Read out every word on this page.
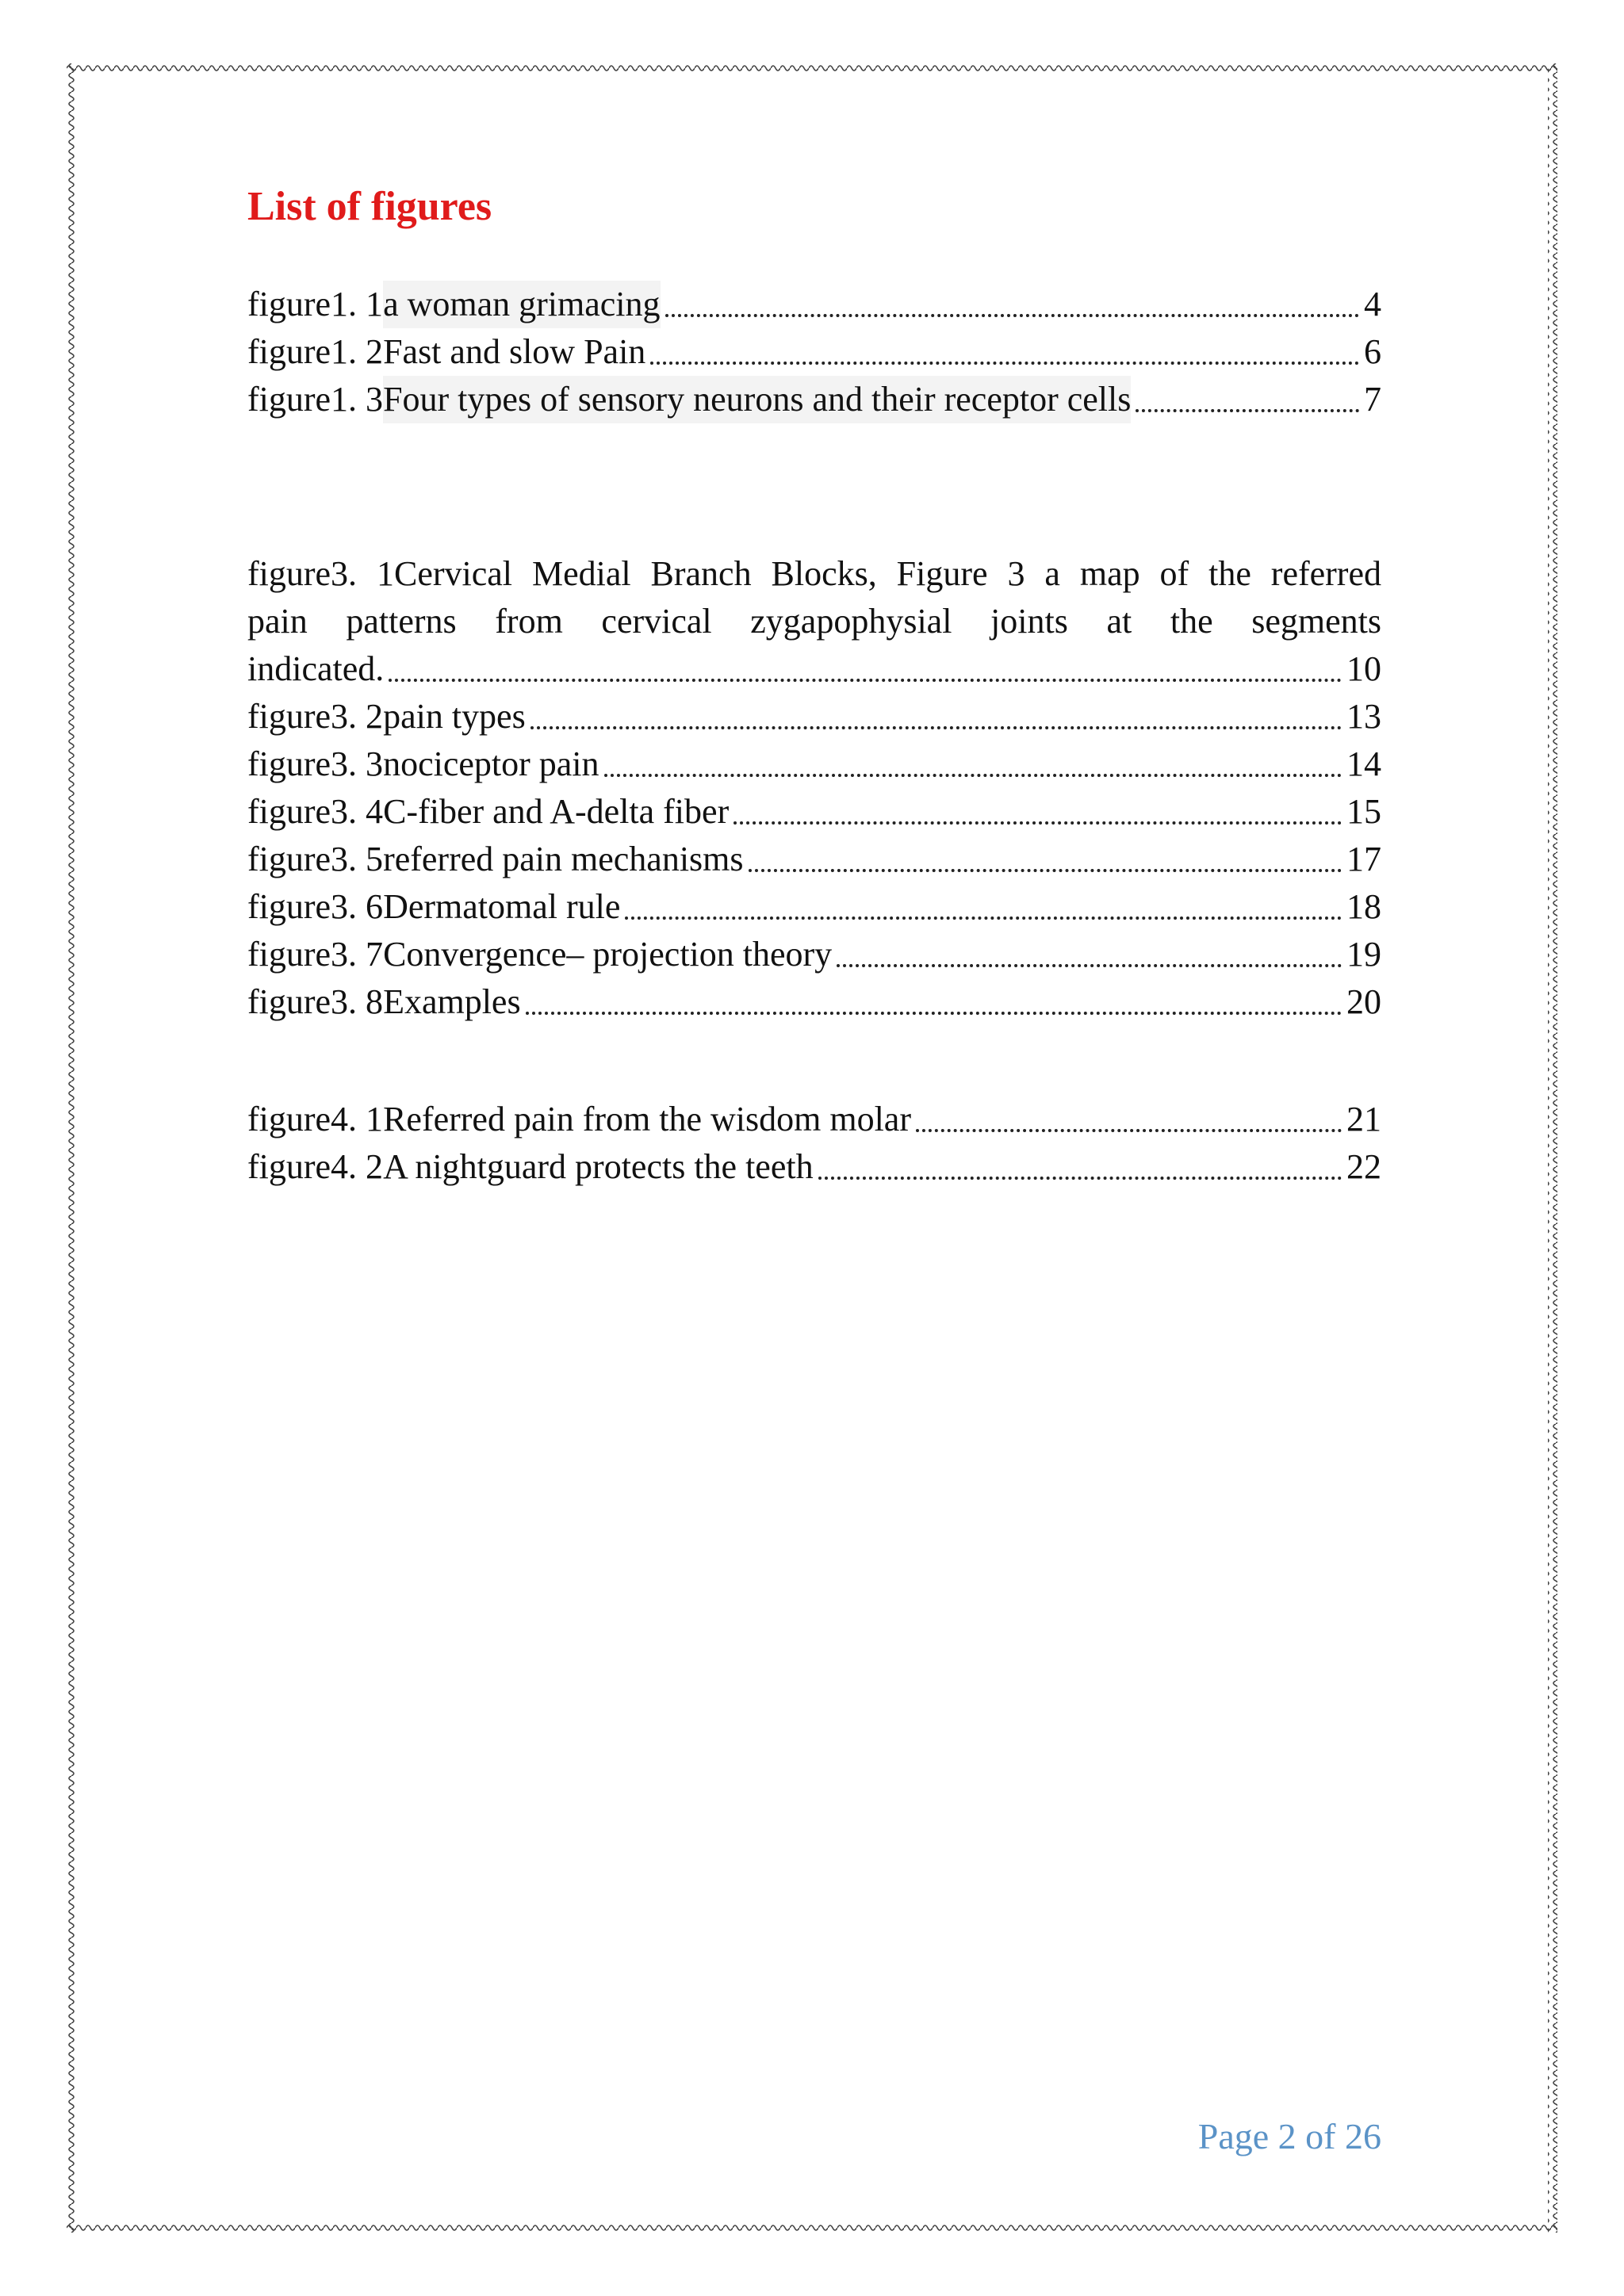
List of figures
figure1. 1 a woman grimacing	4
figure1. 2 Fast and slow Pain	6
figure1. 3 Four types of sensory neurons and their receptor cells	7
figure3. 1Cervical Medial Branch Blocks, Figure 3 a map of the referred
pain patterns from cervical zygapophysial joints at the segments
indicated.	10
figure3. 2 pain types	13
figure3. 3 nociceptor pain	14
figure3. 4 C-fiber and A-delta fiber	15
figure3. 5 referred pain mechanisms	17
figure3. 6 Dermatomal rule	18
figure3. 7 Convergence– projection theory	19
figure3. 8 Examples	20
figure4. 1 Referred pain from the wisdom molar	21
figure4. 2 A nightguard protects the teeth	22
Page 2 of 26
